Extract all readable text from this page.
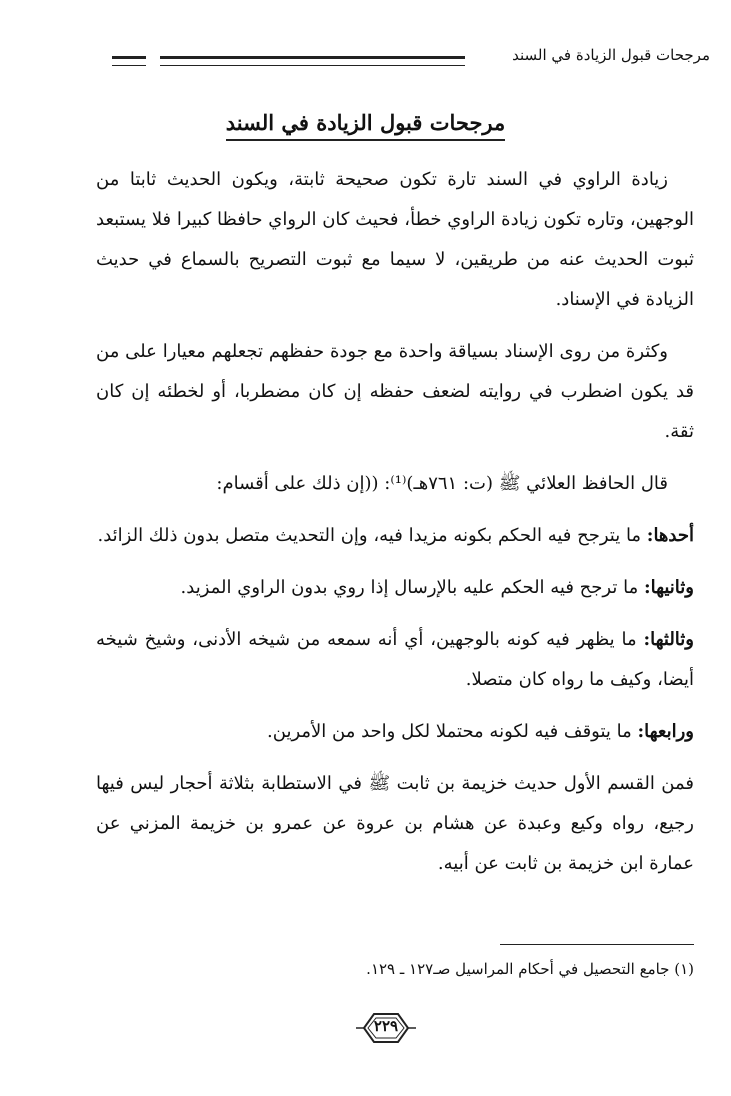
مرجحات قبول الزيادة في السند
مرجحات قبول الزيادة في السند

زيادة الراوي في السند تارة تكون صحيحة ثابتة، ويكون الحديث ثابتا من الوجهين، وتاره تكون زيادة الراوي خطأ، فحيث كان الرواي حافظا كبيرا فلا يستبعد ثبوت الحديث عنه من طريقين، لا سيما مع ثبوت التصريح بالسماع في حديث الزيادة في الإسناد.

وكثرة من روى الإسناد بسياقة واحدة مع جودة حفظهم تجعلهم معيارا على من قد يكون اضطرب في روايته لضعف حفظه إن كان مضطربا، أو لخطئه إن كان ثقة.

قال الحافظ العلائي ﷺ (ت: ٧٦١هـ)⁽¹⁾: ((إن ذلك على أقسام:

أحدها: ما يترجح فيه الحكم بكونه مزيدا فيه، وإن التحديث متصل بدون ذلك الزائد.

وثانيها: ما ترجح فيه الحكم عليه بالإرسال إذا روي بدون الراوي المزيد.

وثالثها: ما يظهر فيه كونه بالوجهين، أي أنه سمعه من شيخه الأدنى، وشيخ شيخه أيضا، وكيف ما رواه كان متصلا.

ورابعها: ما يتوقف فيه لكونه محتملا لكل واحد من الأمرين.

فمن القسم الأول حديث خزيمة بن ثابت ﷺ في الاستطابة بثلاثة أحجار ليس فيها رجيع، رواه وكيع وعبدة عن هشام بن عروة عن عمرو بن خزيمة المزني عن عمارة ابن خزيمة بن ثابت عن أبيه.

(١) جامع التحصيل في أحكام المراسيل صـ١٢٧ ـ ١٢٩.
٢٢٩
